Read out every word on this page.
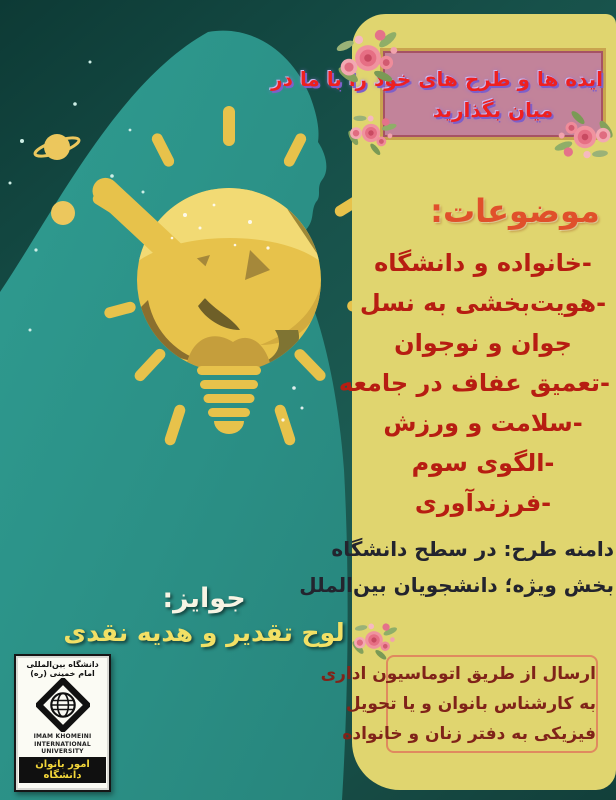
ایده ها و طرح های خود را با ما در
میان بگذارید
موضوعات:
-خانواده و دانشگاه
-هویت‌بخشی به نسل
جوان و نوجوان
-تعمیق عفاف در جامعه
-سلامت و ورزش
-الگوی سوم
-فرزندآوری
دامنه طرح: در سطح دانشگاه
بخش ویژه؛ دانشجویان بین‌الملل
ارسال از طریق اتوماسیون اداری
به کارشناس بانوان و یا تحویل
فیزیکی به دفتر زنان و خانواده
جوایز:
لوح تقدیر و هدیه نقدی
دانشگاه بین‌المللی امام خمینی (ره)
IMAM KHOMEINI
INTERNATIONAL UNIVERSITY
امور بانوان دانشگاه
